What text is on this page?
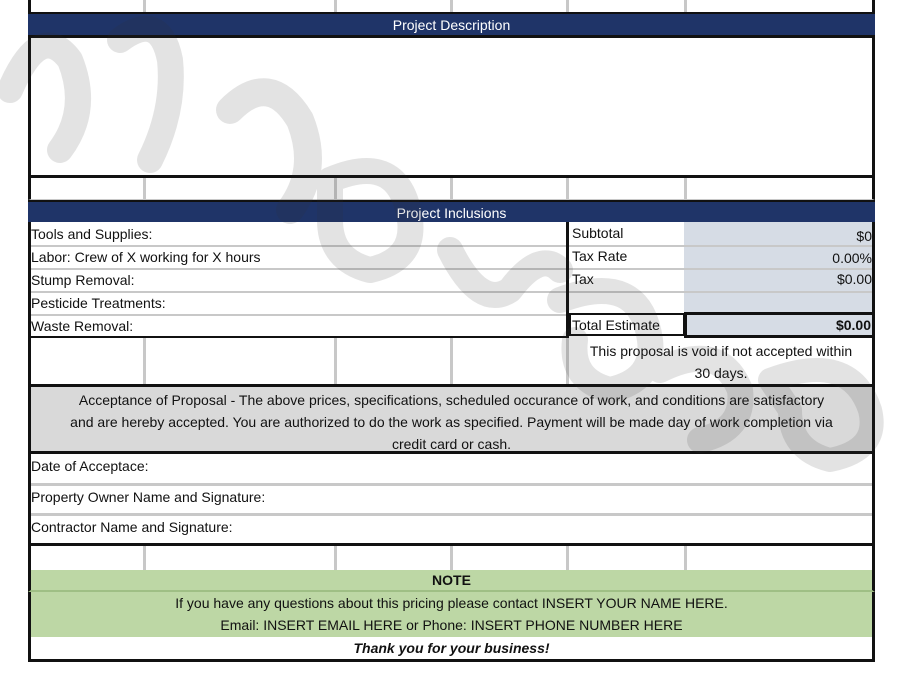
Project Description
Project Inclusions
Tools and Supplies:
Labor: Crew of X working for X hours
Stump Removal:
Pesticide Treatments:
Waste Removal:
Subtotal	$0
Tax Rate	0.00%
Tax	$0.00
Total Estimate	$0.00
This proposal is void if not accepted within
30 days.
Acceptance of Proposal - The above prices, specifications, scheduled occurance of work, and conditions are satisfactory
and are hereby accepted. You are authorized to do the work as specified. Payment will be made day of work completion via
credit card or cash.
Date of Acceptace:
Property Owner Name and Signature:
Contractor Name and Signature:
NOTE
If you have any questions about this pricing please contact INSERT YOUR NAME HERE.
Email: INSERT EMAIL HERE or Phone: INSERT PHONE NUMBER HERE
Thank you for your business!
